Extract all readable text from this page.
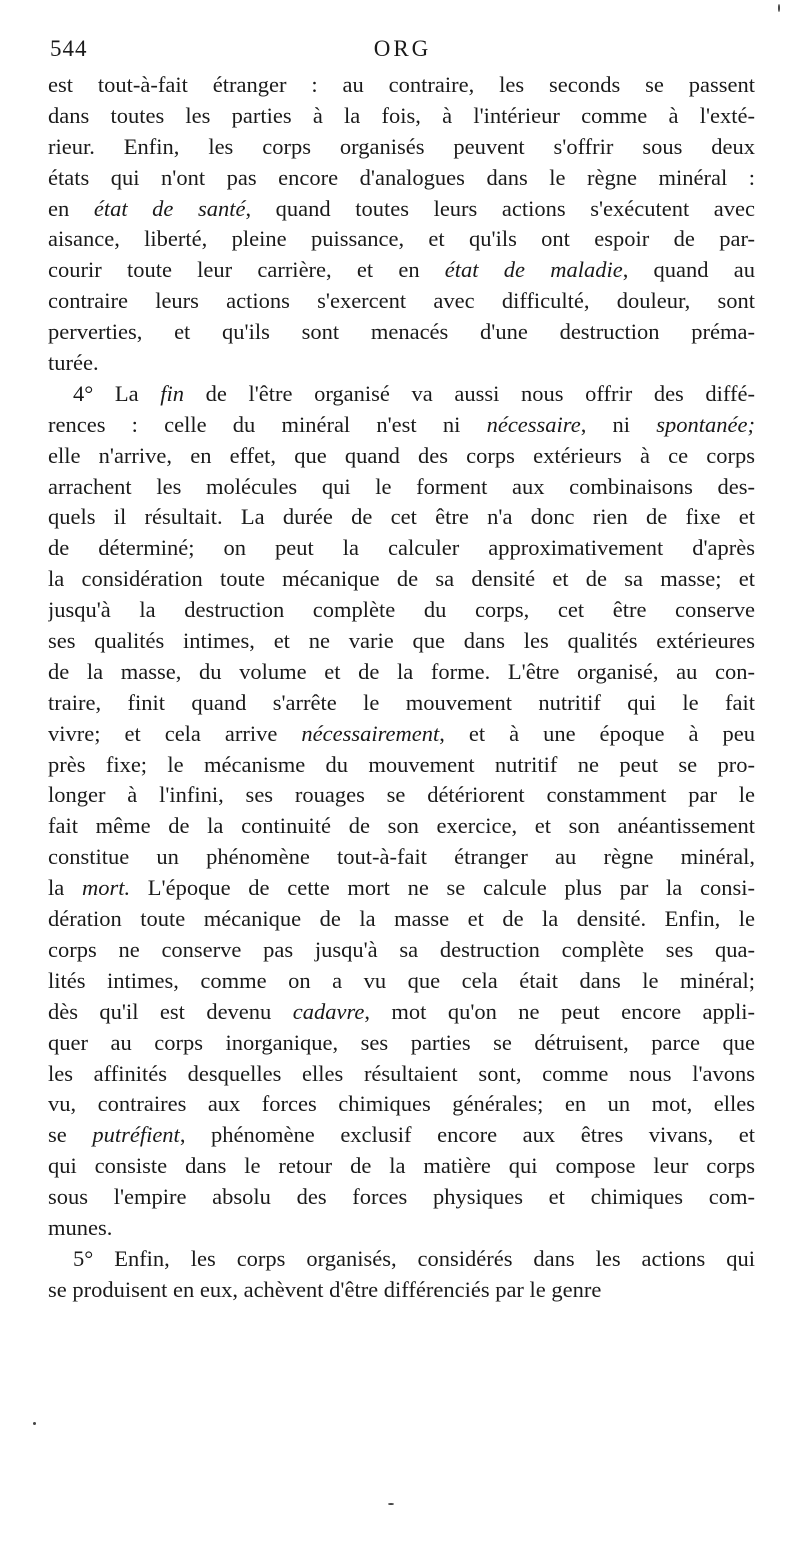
544	ORG
est tout-à-fait étranger : au contraire, les seconds se passent
dans toutes les parties à la fois, à l'intérieur comme à l'exté-
rieur. Enfin, les corps organisés peuvent s'offrir sous deux
états qui n'ont pas encore d'analogues dans le règne minéral :
en état de santé, quand toutes leurs actions s'exécutent avec
aisance, liberté, pleine puissance, et qu'ils ont espoir de par-
courir toute leur carrière, et en état de maladie, quand au
contraire leurs actions s'exercent avec difficulté, douleur, sont
perverties, et qu'ils sont menacés d'une destruction préma-
turée.
4° La fin de l'être organisé va aussi nous offrir des diffé-
rences : celle du minéral n'est ni nécessaire, ni spontanée;
elle n'arrive, en effet, que quand des corps extérieurs à ce corps
arrachent les molécules qui le forment aux combinaisons des-
quels il résultait. La durée de cet être n'a donc rien de fixe et
de déterminé; on peut la calculer approximativement d'après
la considération toute mécanique de sa densité et de sa masse; et
jusqu'à la destruction complète du corps, cet être conserve
ses qualités intimes, et ne varie que dans les qualités extérieures
de la masse, du volume et de la forme. L'être organisé, au con-
traire, finit quand s'arrête le mouvement nutritif qui le fait
vivre; et cela arrive nécessairement, et à une époque à peu
près fixe; le mécanisme du mouvement nutritif ne peut se pro-
longer à l'infini, ses rouages se détériorent constamment par le
fait même de la continuité de son exercice, et son anéantissement
constitue un phénomène tout-à-fait étranger au règne minéral,
la mort. L'époque de cette mort ne se calcule plus par la consi-
dération toute mécanique de la masse et de la densité. Enfin, le
corps ne conserve pas jusqu'à sa destruction complète ses qua-
lités intimes, comme on a vu que cela était dans le minéral;
dès qu'il est devenu cadavre, mot qu'on ne peut encore appli-
quer au corps inorganique, ses parties se détruisent, parce que
les affinités desquelles elles résultaient sont, comme nous l'avons
vu, contraires aux forces chimiques générales; en un mot, elles
se putréfient, phénomène exclusif encore aux êtres vivans, et
qui consiste dans le retour de la matière qui compose leur corps
sous l'empire absolu des forces physiques et chimiques com-
munes.
5° Enfin, les corps organisés, considérés dans les actions qui
se produisent en eux, achèvent d'être différenciés par le genre
